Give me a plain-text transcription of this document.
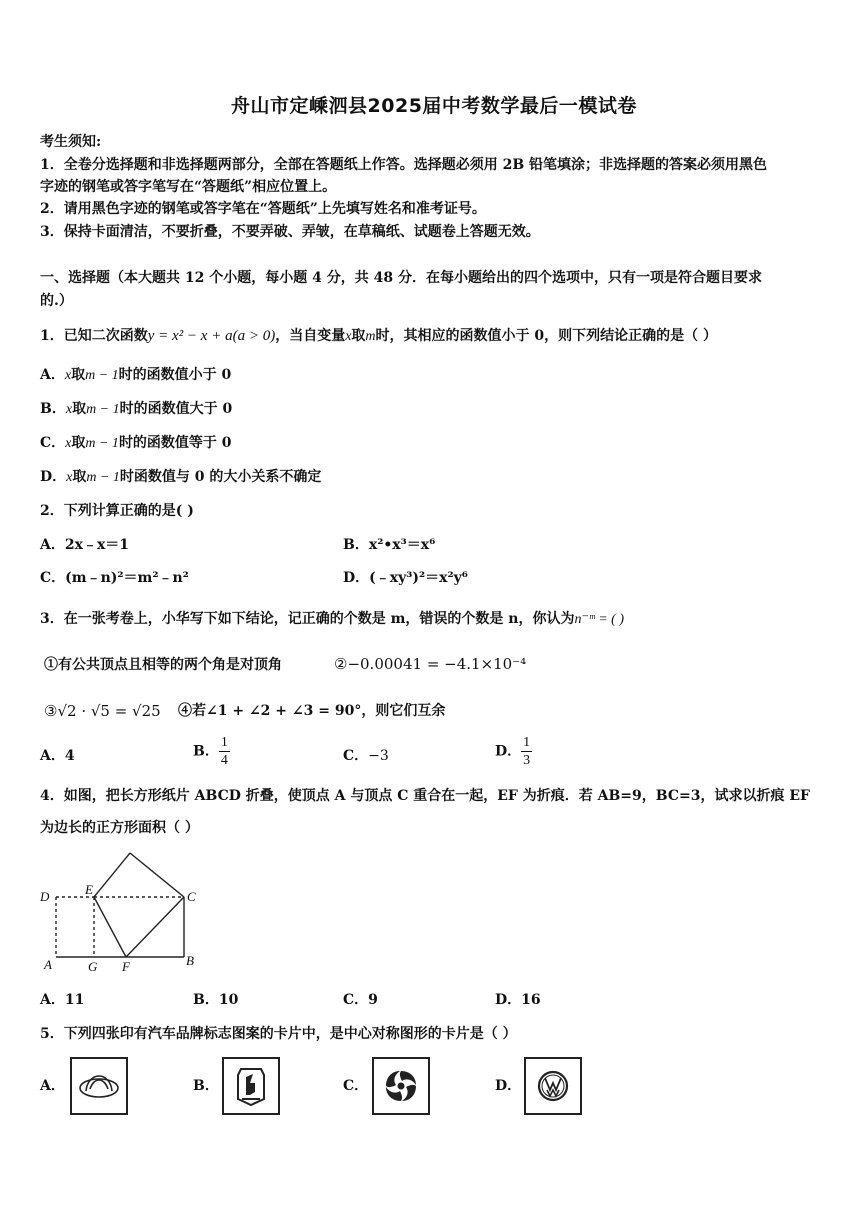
舟山市定嵊泗县2025届中考数学最后一模试卷
考生须知:
1．全卷分选择题和非选择题两部分，全部在答题纸上作答。选择题必须用 2B 铅笔填涂；非选择题的答案必须用黑色
字迹的钢笔或答字笔写在“答题纸”相应位置上。
2．请用黑色字迹的钢笔或答字笔在“答题纸”上先填写姓名和准考证号。
3．保持卡面清洁，不要折叠，不要弄破、弄皱，在草稿纸、试题卷上答题无效。
一、选择题（本大题共 12 个小题，每小题 4 分，共 48 分．在每小题给出的四个选项中，只有一项是符合题目要求
的.）
1．已知二次函数y = x² − x + a(a > 0)，当自变量x取m时，其相应的函数值小于 0，则下列结论正确的是（ ）
A．x取m − 1时的函数值小于 0
B．x取m − 1时的函数值大于 0
C．x取m − 1时的函数值等于 0
D．x取m − 1时函数值与 0 的大小关系不确定
2．下列计算正确的是( )
A．2x﹣x＝1	B．x²•x³＝x⁶
C．(m﹣n)²＝m²﹣n²	D．(﹣xy³)²＝x²y⁶
3．在一张考卷上，小华写下如下结论，记正确的个数是 m，错误的个数是 n，你认为n⁻ᵐ = ( )
①有公共顶点且相等的两个角是对顶角	②−0.00041 = −4.1×10⁻⁴
③√2 · √5 = √25 ④若∠1 + ∠2 + ∠3 = 90°，则它们互余
A．4	B． $\frac{1}{4}$	C．−3	D． $\frac{1}{3}$
4．如图，把长方形纸片 ABCD 折叠，使顶点 A 与顶点 C 重合在一起，EF 为折痕．若 AB=9，BC=3，试求以折痕 EF
为边长的正方形面积（ ）
D	E	C
A	G F	B
A．11	B．10	C．9	D．16
5．下列四张印有汽车品牌标志图案的卡片中，是中心对称图形的卡片是（ ）
A．	B．	C．	D．
